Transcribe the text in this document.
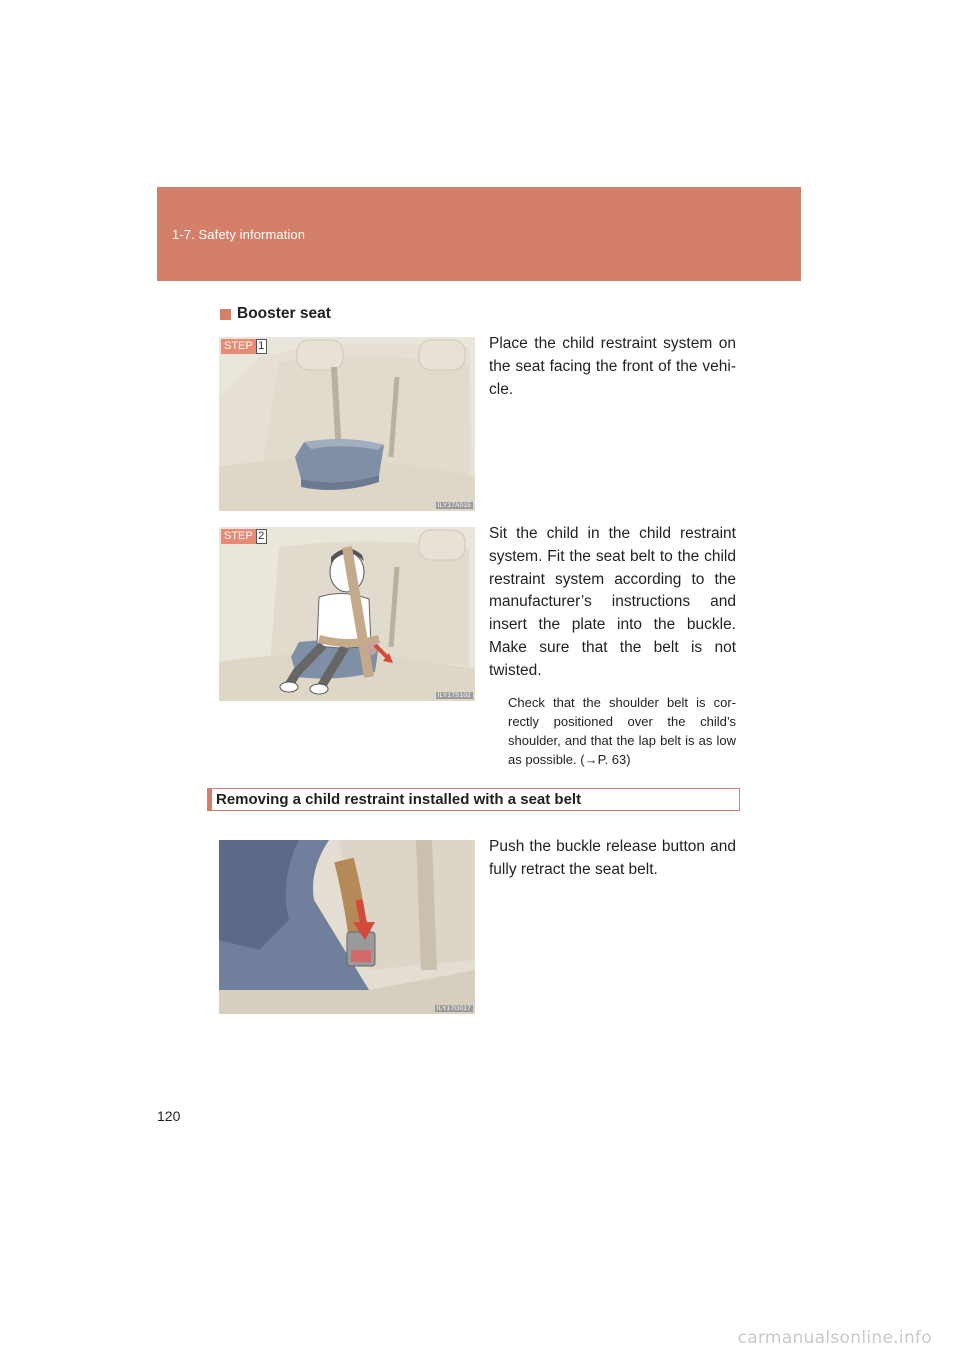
1-7. Safety information
Booster seat
STEP 1
ILY17A015

Place the child restraint system on the seat facing the front of the vehi-cle.

STEP 2
ILY17S102

Sit the child in the child restraint system. Fit the seat belt to the child restraint system according to the manufacturer’s instructions and insert the plate into the buckle. Make sure that the belt is not twisted.

Check that the shoulder belt is cor-rectly positioned over the child’s shoulder, and that the lap belt is as low as possible. (→P. 63)

Removing a child restraint installed with a seat belt
ILY17G017

Push the buckle release button and fully retract the seat belt.

120
carmanualsonline.info
